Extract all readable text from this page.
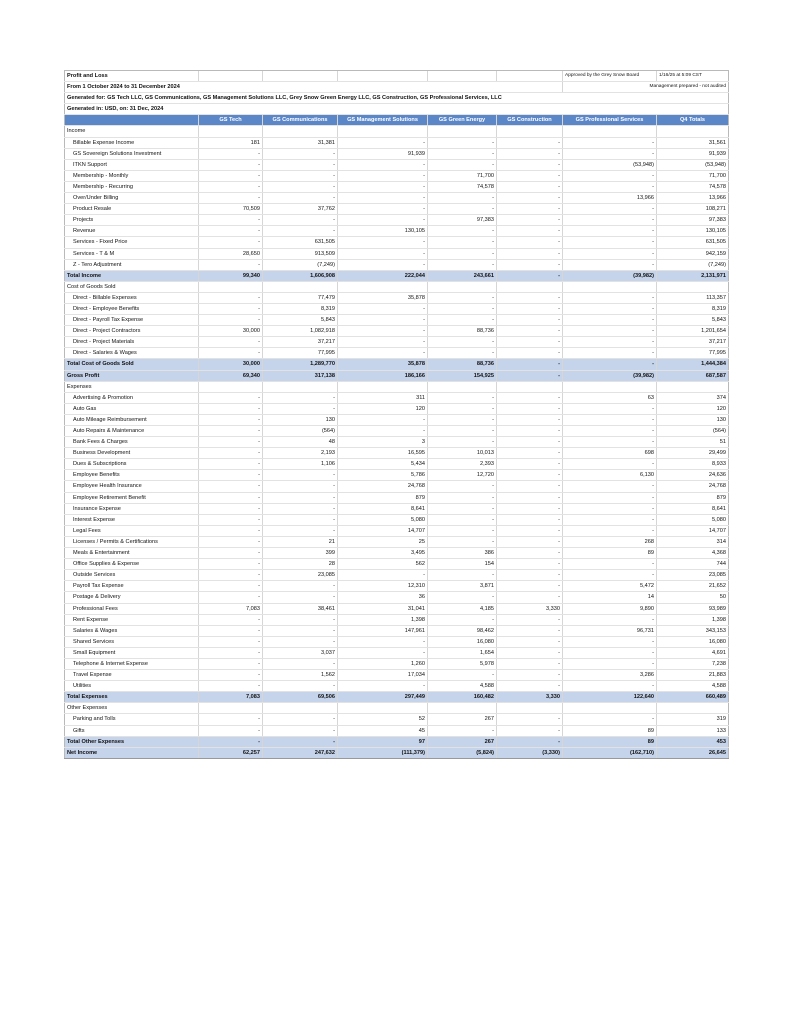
Profit and Loss						Approved by the Grey Snow Board	1/16/25 at 5:09 CST
From 1 October 2024 to 31 December 2024						Management prepared - not audited	
Generated for: GS Tech LLC, GS Communications, GS Management Solutions LLC, Grey Snow Green Energy LLC, GS Construction, GS Professional Services, LLC							
Generated in: USD, on: 31 Dec, 2024							
	GS Tech	GS Communications	GS Management Solutions	GS Green Energy	GS Construction	GS Professional Services	Q4 Totals
Income							
Billable Expense Income	181	31,381	-	-	-	-	31,561
GS Sovereign Solutions Investment	-	-	91,939	-	-	-	91,939
ITKN Support	-	-	-	-	-	(53,948)	(53,948)
Membership - Monthly	-	-	-	71,700	-	-	71,700
Membership - Recurring	-	-	-	74,578	-	-	74,578
Over/Under Billing	-	-	-	-	-	13,966	13,966
Product Resale	70,509	37,762	-	-	-	-	108,271
Projects	-	-	-	97,383	-	-	97,383
Revenue	-	-	130,105	-	-	-	130,105
Services - Fixed Price	-	631,505	-	-	-	-	631,505
Services - T & M	28,650	913,509	-	-	-	-	942,159
Z - Tero Adjustment	-	(7,249)	-	-	-	-	(7,249)
Total Income	99,340	1,606,908	222,044	243,661	-	(39,982)	2,131,971
Cost of Goods Sold							
Direct - Billable Expenses	-	77,479	35,878	-	-	-	113,357
Direct - Employee Benefits	-	8,319	-	-	-	-	8,319
Direct - Payroll Tax Expense	-	5,843	-	-	-	-	5,843
Direct - Project Contractors	30,000	1,082,918	-	88,736	-	-	1,201,654
Direct - Project Materials	-	37,217	-	-	-	-	37,217
Direct - Salaries & Wages	-	77,995	-	-	-	-	77,995
Total Cost of Goods Sold	30,000	1,289,770	35,878	88,736	-	-	1,444,384
Gross Profit	69,340	317,138	186,166	154,925	-	(39,982)	687,587
Expenses							
Advertising & Promotion	-	-	311	-	-	63	374
Auto Gas	-	-	120	-	-	-	120
Auto Mileage Reimbursement	-	130	-	-	-	-	130
Auto Repairs & Maintenance	-	(564)	-	-	-	-	(564)
Bank Fees & Charges	-	48	3	-	-	-	51
Business Development	-	2,193	16,595	10,013	-	698	29,499
Dues & Subscriptions	-	1,106	5,434	2,393	-	-	8,933
Employee Benefits	-	-	5,786	12,720	-	6,130	24,636
Employee Health Insurance	-	-	24,768	-	-	-	24,768
Employee Retirement Benefit	-	-	879	-	-	-	879
Insurance Expense	-	-	8,641	-	-	-	8,641
Interest Expense	-	-	5,080	-	-	-	5,080
Legal Fees	-	-	14,707	-	-	-	14,707
Licenses / Permits & Certifications	-	21	25	-	-	268	314
Meals & Entertainment	-	399	3,495	386	-	89	4,368
Office Supplies & Expense	-	28	562	154	-	-	744
Outside Services	-	23,085	-	-	-	-	23,085
Payroll Tax Expense	-	-	12,310	3,871	-	5,472	21,652
Postage & Delivery	-	-	36	-	-	14	50
Professional Fees	7,083	38,461	31,041	4,185	3,330	9,890	93,989
Rent Expense	-	-	1,398	-	-	-	1,398
Salaries & Wages	-	-	147,961	98,462	-	96,731	343,153
Shared Services	-	-	-	16,080	-	-	16,080
Small Equipment	-	3,037	-	1,654	-	-	4,691
Telephone & Internet Expense	-	-	1,260	5,978	-	-	7,238
Travel Expense	-	1,562	17,034	-	-	3,286	21,883
Utilities	-	-	-	4,588	-	-	4,588
Total Expenses	7,083	69,506	297,449	160,482	3,330	122,640	660,489
Other Expenses							
Parking and Tolls	-	-	52	267	-	-	319
Gifts	-	-	45	-	-	89	133
Total Other Expenses	-	-	97	267	-	89	453
Net Income	62,257	247,632	(111,379)	(5,824)	(3,330)	(162,710)	26,645
